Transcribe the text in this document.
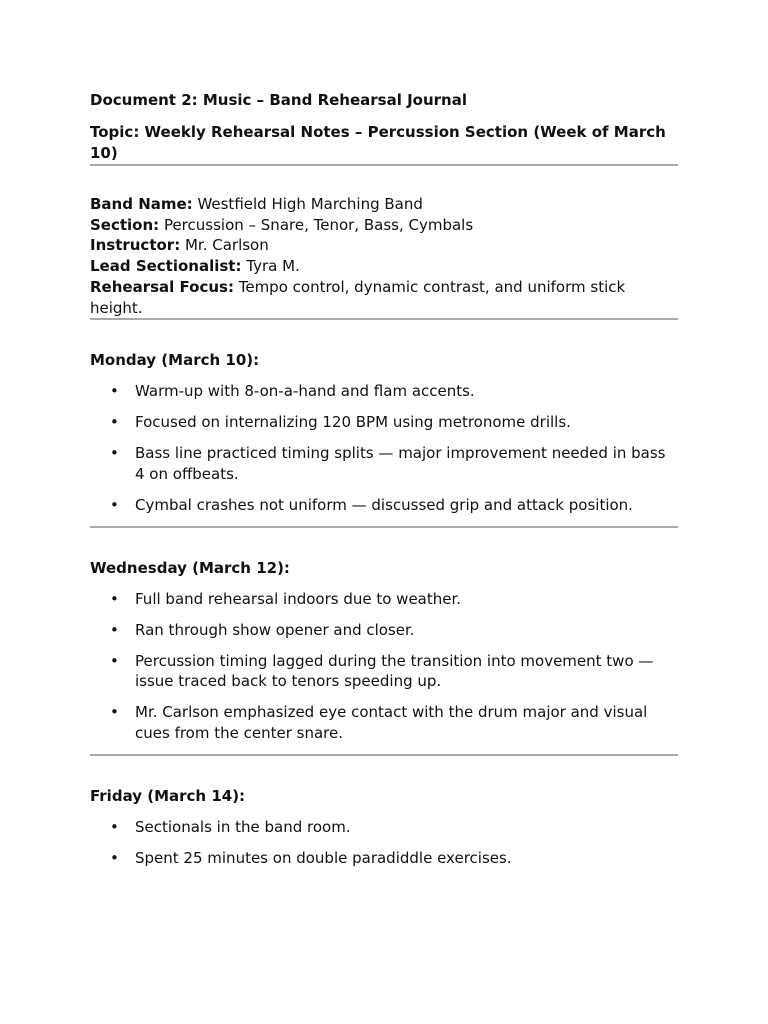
Document 2: Music – Band Rehearsal Journal

Topic: Weekly Rehearsal Notes – Percussion Section (Week of March 10)

Band Name: Westfield High Marching Band

Section: Percussion – Snare, Tenor, Bass, Cymbals

Instructor: Mr. Carlson

Lead Sectionalist: Tyra M.

Rehearsal Focus: Tempo control, dynamic contrast, and uniform stick height.

Monday (March 10):

• Warm-up with 8-on-a-hand and flam accents.
• Focused on internalizing 120 BPM using metronome drills.
• Bass line practiced timing splits — major improvement needed in bass 4 on offbeats.
• Cymbal crashes not uniform — discussed grip and attack position.

Wednesday (March 12):

• Full band rehearsal indoors due to weather.
• Ran through show opener and closer.
• Percussion timing lagged during the transition into movement two — issue traced back to tenors speeding up.
• Mr. Carlson emphasized eye contact with the drum major and visual cues from the center snare.

Friday (March 14):

• Sectionals in the band room.
• Spent 25 minutes on double paradiddle exercises.
